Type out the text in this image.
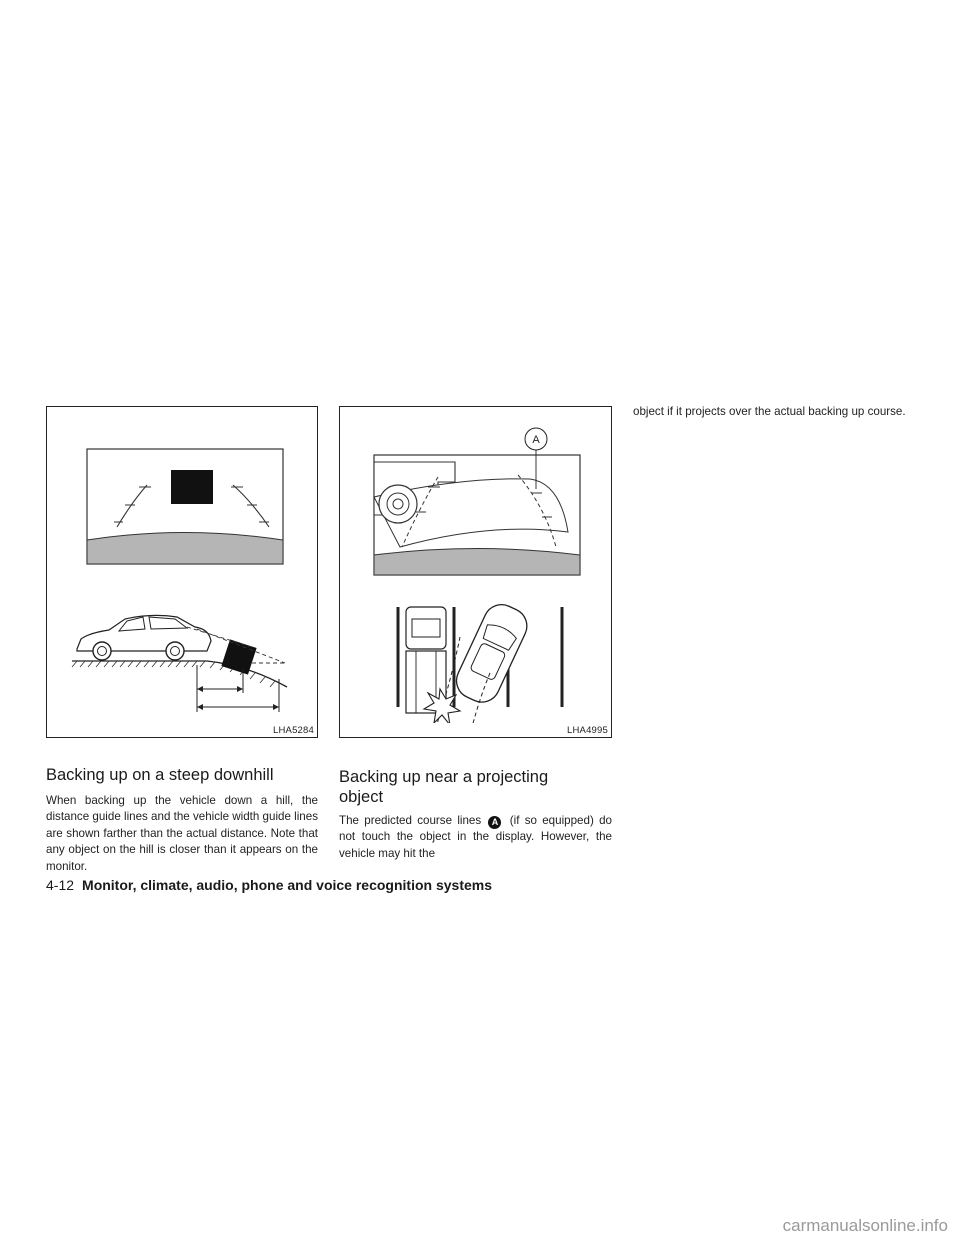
LHA5284
A
LHA4995
Backing up on a steep downhill

When backing up the vehicle down a hill, the distance guide lines and the vehicle width guide lines are shown farther than the actual distance. Note that any object on the hill is closer than it appears on the monitor.

Backing up near a projecting object

The predicted course lines A (if so equipped) do not touch the object in the display. However, the vehicle may hit the

object if it projects over the actual backing up course.

4-12 Monitor, climate, audio, phone and voice recognition systems
carmanualsonline.info
